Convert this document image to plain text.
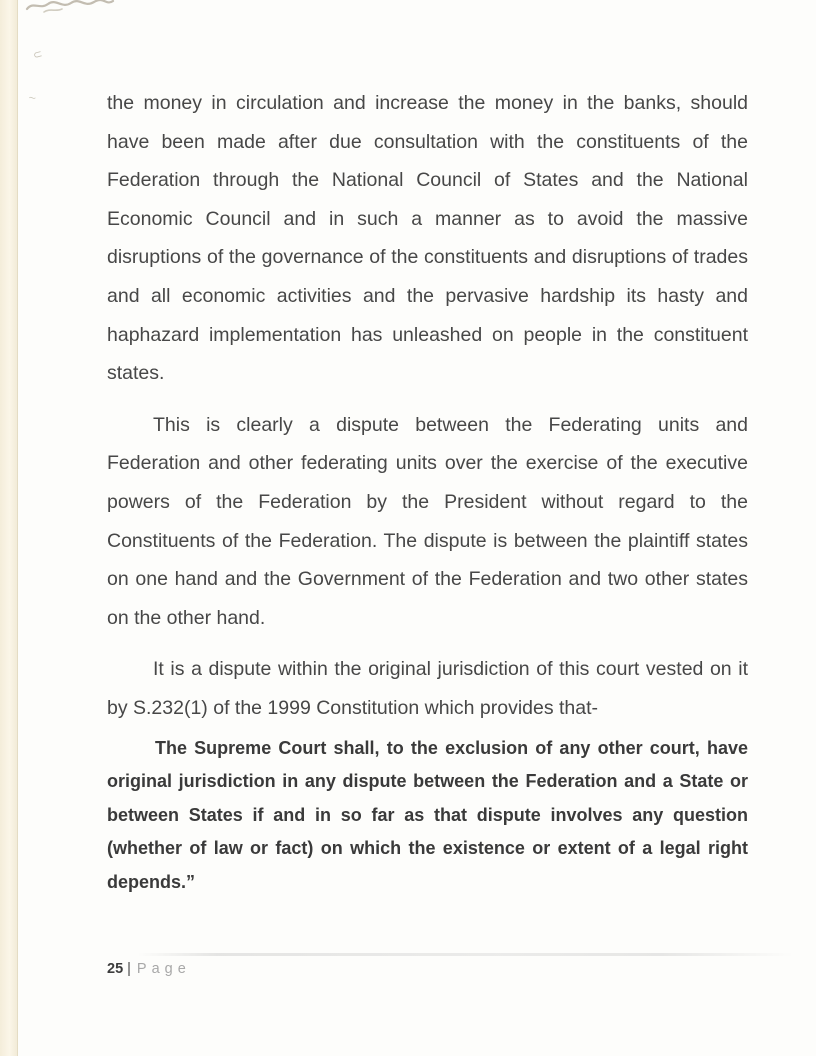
⊂
∼	the money in circulation and increase the money in the banks, should have been made after due consultation with the constituents of the Federation through the National Council of States and the National Economic Council and in such a manner as to avoid the massive disruptions of the governance of the constituents and disruptions of trades and all economic activities and the pervasive hardship its hasty and haphazard implementation has unleashed on people in the constituent states.

This is clearly a dispute between the Federating units and Federation and other federating units over the exercise of the executive powers of the Federation by the President without regard to the Constituents of the Federation. The dispute is between the plaintiff states on one hand and the Government of the Federation and two other states on the other hand.

It is a dispute within the original jurisdiction of this court vested on it by S.232(1) of the 1999 Constitution which provides that-

The Supreme Court shall, to the exclusion of any other court, have original jurisdiction in any dispute between the Federation and a State or between States if and in so far as that dispute involves any question (whether of law or fact) on which the existence or extent of a legal right depends.”

25 | Page
